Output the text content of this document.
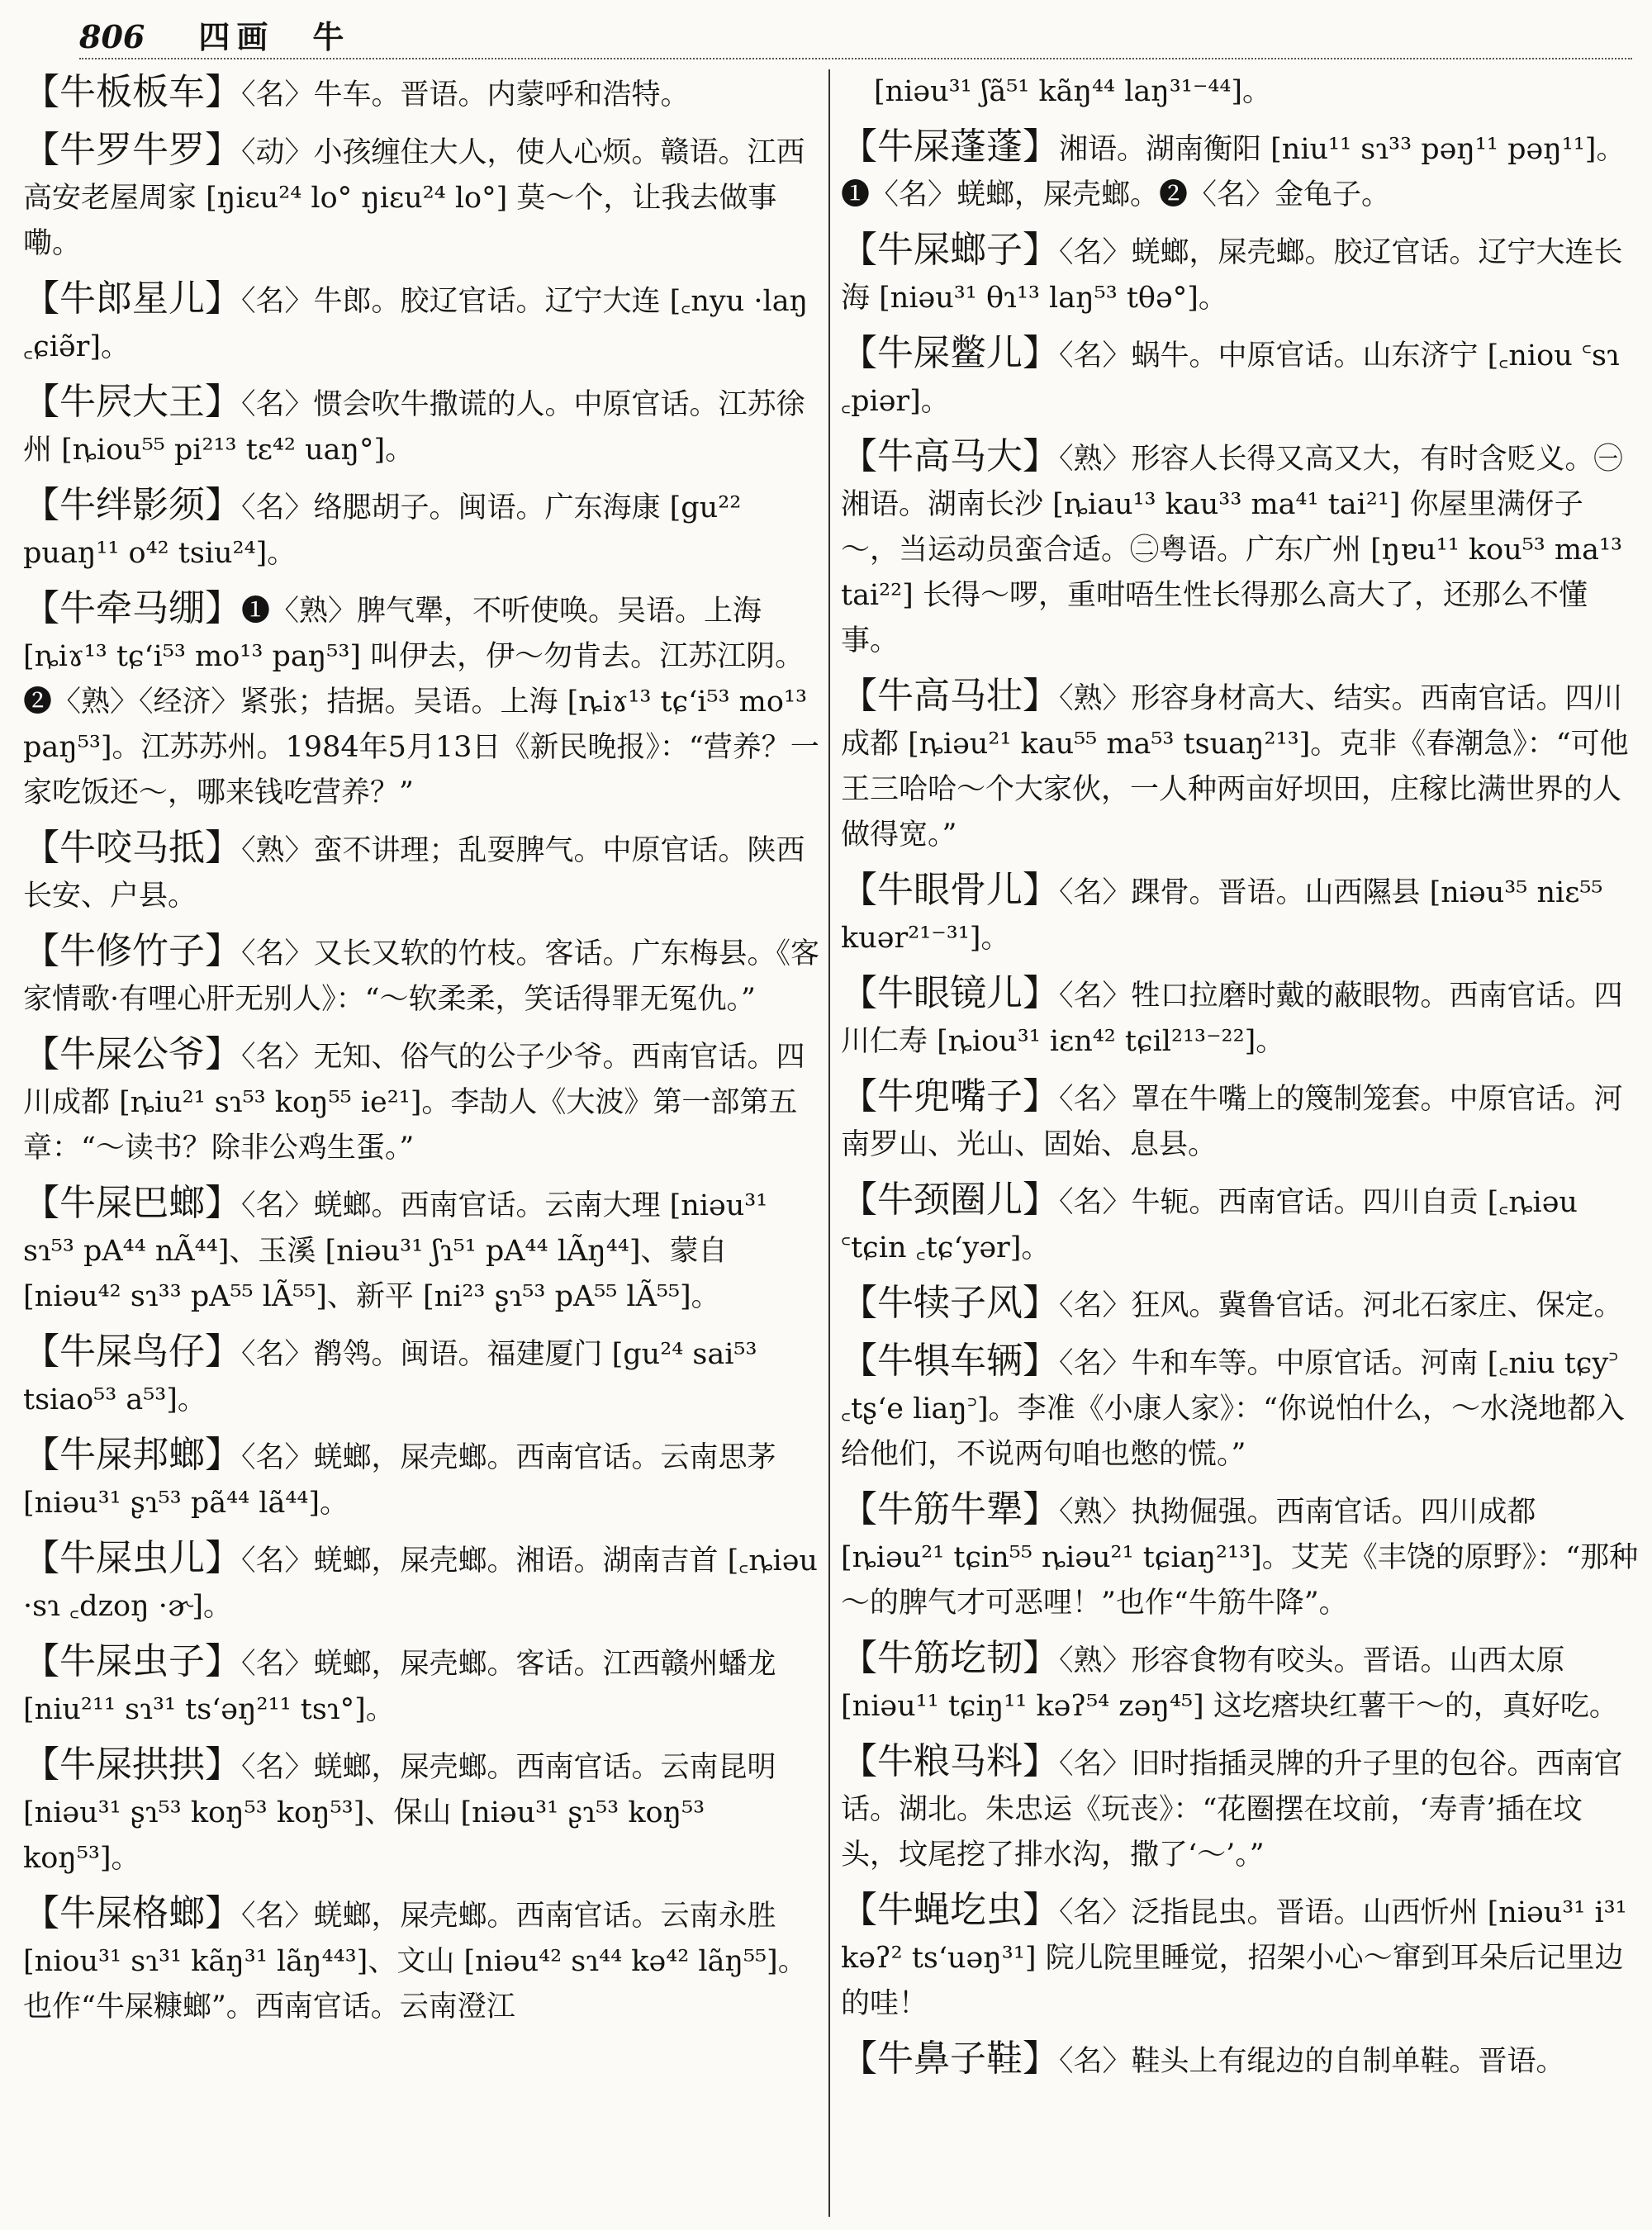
806 四画　牛

【牛板板车】〈名〉牛车。晋语。内蒙呼和浩特。

【牛罗牛罗】〈动〉小孩缠住大人，使人心烦。赣语。江西高安老屋周家 [ŋiɛu²⁴ lo° ŋiɛu²⁴ lo°] 莫～个，让我去做事嘞。

【牛郎星儿】〈名〉牛郎。胶辽官话。辽宁大连 [꜀nyu ·laŋ ꜀ɕiə̃r]。

【牛屄大王】〈名〉惯会吹牛撒谎的人。中原官话。江苏徐州 [ȵiou⁵⁵ pi²¹³ tɛ⁴² uaŋ°]。

【牛绊影须】〈名〉络腮胡子。闽语。广东海康 [gu²² puaŋ¹¹ o⁴² tsiu²⁴]。

【牛牵马绷】❶〈熟〉脾气犟，不听使唤。吴语。上海 [ȵiɤ¹³ tɕʻi⁵³ mo¹³ paŋ⁵³] 叫伊去，伊～勿肯去。江苏江阴。❷〈熟〉〈经济〉紧张；拮据。吴语。上海 [ȵiɤ¹³ tɕʻi⁵³ mo¹³ paŋ⁵³]。江苏苏州。1984年5月13日《新民晚报》：“营养？一家吃饭还～，哪来钱吃营养？”

【牛咬马抵】〈熟〉蛮不讲理；乱耍脾气。中原官话。陕西长安、户县。

【牛修竹子】〈名〉又长又软的竹枝。客话。广东梅县。《客家情歌·有哩心肝无别人》：“～软柔柔，笑话得罪无冤仇。”

【牛屎公爷】〈名〉无知、俗气的公子少爷。西南官话。四川成都 [ȵiu²¹ sɿ⁵³ koŋ⁵⁵ ie²¹]。李劼人《大波》第一部第五章：“～读书？除非公鸡生蛋。”

【牛屎巴螂】〈名〉蜣螂。西南官话。云南大理 [niəu³¹ sɿ⁵³ pA⁴⁴ nÃ⁴⁴]、玉溪 [niəu³¹ ʃɿ⁵¹ pA⁴⁴ lÃŋ⁴⁴]、蒙自 [niəu⁴² sɿ³³ pA⁵⁵ lÃ⁵⁵]、新平 [ni²³ ʂɿ⁵³ pA⁵⁵ lÃ⁵⁵]。

【牛屎鸟仔】〈名〉鹡鸰。闽语。福建厦门 [gu²⁴ sai⁵³ tsiao⁵³ a⁵³]。

【牛屎邦螂】〈名〉蜣螂，屎壳螂。西南官话。云南思茅 [niəu³¹ ʂɿ⁵³ pã⁴⁴ lã⁴⁴]。

【牛屎虫儿】〈名〉蜣螂，屎壳螂。湘语。湖南吉首 [꜀ȵiəu ·sɿ ꜀dzoŋ ·ɚ]。

【牛屎虫子】〈名〉蜣螂，屎壳螂。客话。江西赣州蟠龙 [niu²¹¹ sɿ³¹ tsʻəŋ²¹¹ tsɿ°]。

【牛屎拱拱】〈名〉蜣螂，屎壳螂。西南官话。云南昆明 [niəu³¹ ʂɿ⁵³ koŋ⁵³ koŋ⁵³]、保山 [niəu³¹ ʂɿ⁵³ koŋ⁵³ koŋ⁵³]。

【牛屎格螂】〈名〉蜣螂，屎壳螂。西南官话。云南永胜 [niou³¹ sɿ³¹ kãŋ³¹ lãŋ⁴⁴³]、文山 [niəu⁴² sɿ⁴⁴ kə⁴² lãŋ⁵⁵]。也作“牛屎糠螂”。西南官话。云南澄江

[niəu³¹ ʃã⁵¹ kãŋ⁴⁴ laŋ³¹⁻⁴⁴]。

【牛屎蓬蓬】湘语。湖南衡阳 [niu¹¹ sɿ³³ pəŋ¹¹ pəŋ¹¹]。❶〈名〉蜣螂，屎壳螂。❷〈名〉金龟子。

【牛屎螂子】〈名〉蜣螂，屎壳螂。胶辽官话。辽宁大连长海 [niəu³¹ θɿ¹³ laŋ⁵³ tθə°]。

【牛屎鳖儿】〈名〉蜗牛。中原官话。山东济宁 [꜀niou ꜂sɿ ꜀piər]。

【牛高马大】〈熟〉形容人长得又高又大，有时含贬义。㊀湘语。湖南长沙 [ȵiau¹³ kau³³ ma⁴¹ tai²¹] 你屋里满伢子～，当运动员蛮合适。㊁粤语。广东广州 [ŋɐu¹¹ kou⁵³ ma¹³ tai²²] 长得～啰，重咁唔生性长得那么高大了，还那么不懂事。

【牛高马壮】〈熟〉形容身材高大、结实。西南官话。四川成都 [ȵiəu²¹ kau⁵⁵ ma⁵³ tsuaŋ²¹³]。克非《春潮急》：“可他王三哈哈～个大家伙，一人种两亩好坝田，庄稼比满世界的人做得宽。”

【牛眼骨儿】〈名〉踝骨。晋语。山西隰县 [niəu³⁵ niɛ⁵⁵ kuər²¹⁻³¹]。

【牛眼镜儿】〈名〉牲口拉磨时戴的蔽眼物。西南官话。四川仁寿 [ȵiou³¹ iɛn⁴² tɕil²¹³⁻²²]。

【牛兜嘴子】〈名〉罩在牛嘴上的篾制笼套。中原官话。河南罗山、光山、固始、息县。

【牛颈圈儿】〈名〉牛轭。西南官话。四川自贡 [꜀ȵiəu ꜂tɕin ꜀tɕʻyər]。

【牛犊子风】〈名〉狂风。冀鲁官话。河北石家庄、保定。

【牛犋车辆】〈名〉牛和车等。中原官话。河南 [꜀niu tɕy꜄ ꜀tʂʻe liaŋ꜄]。李准《小康人家》：“你说怕什么，～水浇地都入给他们，不说两句咱也憋的慌。”

【牛筋牛犟】〈熟〉执拗倔强。西南官话。四川成都 [ȵiəu²¹ tɕin⁵⁵ ȵiəu²¹ tɕiaŋ²¹³]。艾芜《丰饶的原野》：“那种～的脾气才可恶哩！”也作“牛筋牛降”。

【牛筋圪韧】〈熟〉形容食物有咬头。晋语。山西太原 [niəu¹¹ tɕiŋ¹¹ kəʔ⁵⁴ zəŋ⁴⁵] 这圪瘩块红薯干～的，真好吃。

【牛粮马料】〈名〉旧时指插灵牌的升子里的包谷。西南官话。湖北。朱忠运《玩丧》：“花圈摆在坟前，‘寿青’插在坟头，坟尾挖了排水沟，撒了‘～’。”

【牛蝇圪虫】〈名〉泛指昆虫。晋语。山西忻州 [niəu³¹ i³¹ kəʔ² tsʻuəŋ³¹] 院儿院里睡觉，招架小心～窜到耳朵后记里边的哇！

【牛鼻子鞋】〈名〉鞋头上有绲边的自制单鞋。晋语。
